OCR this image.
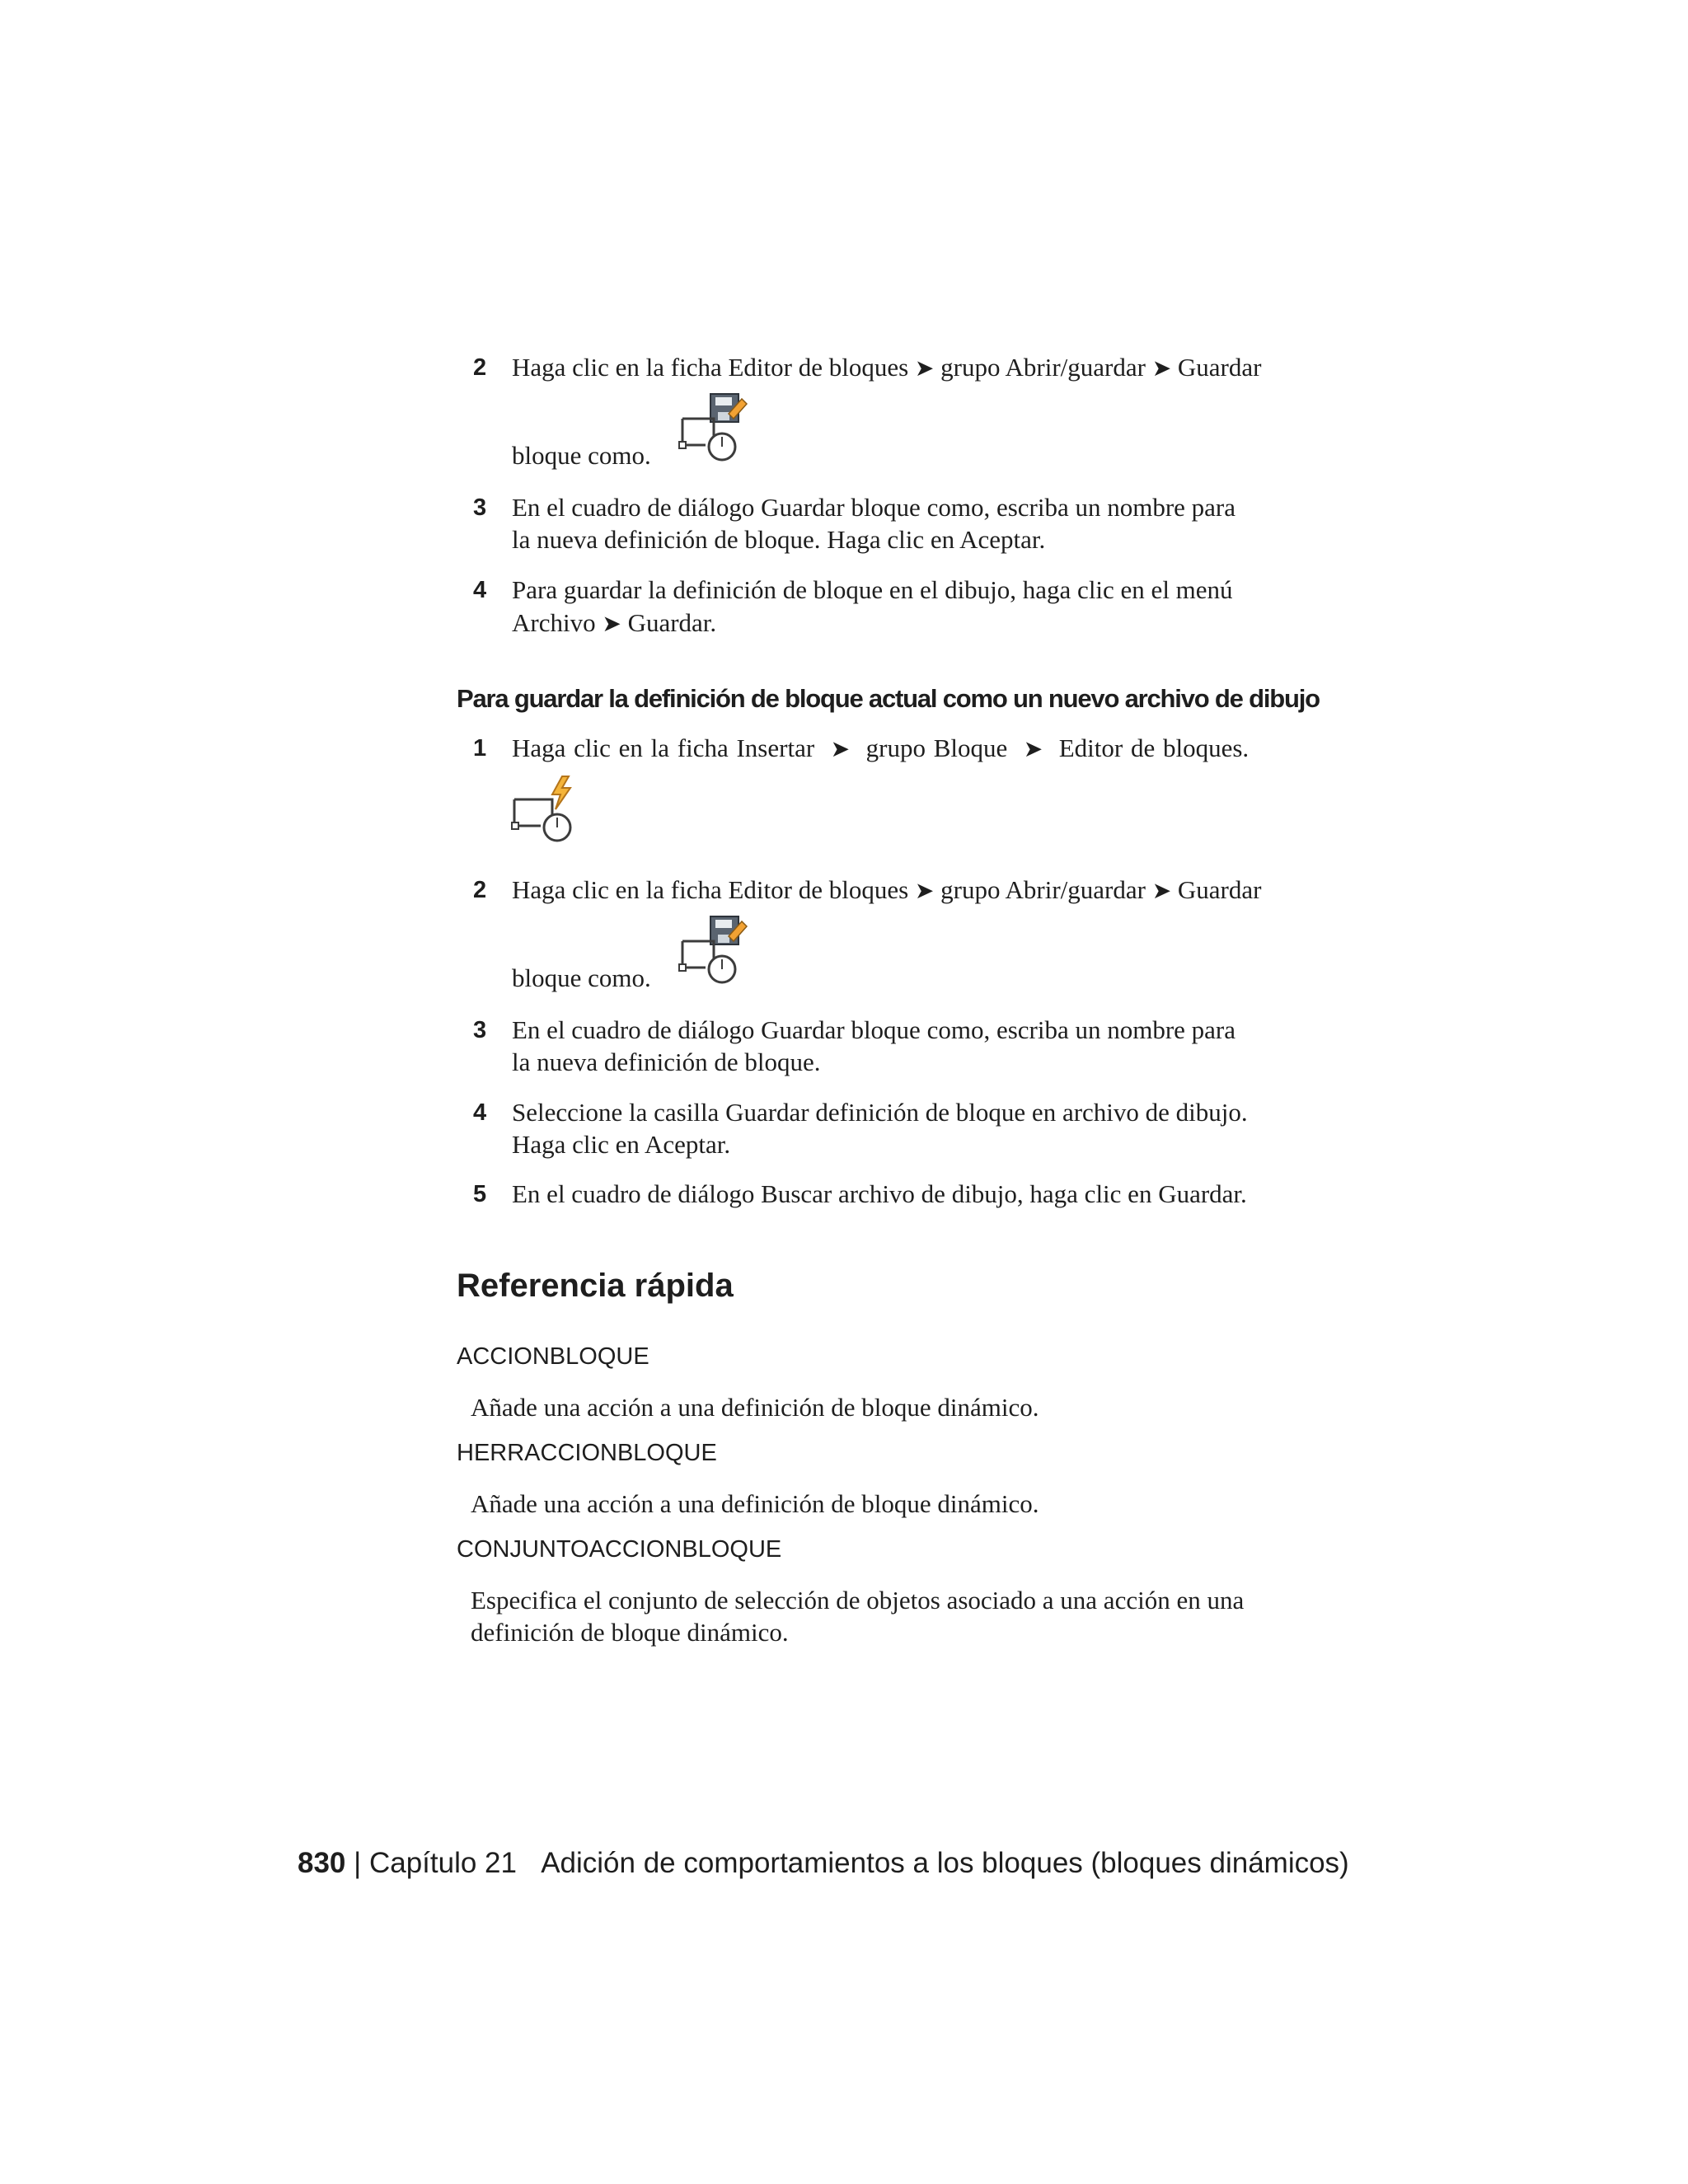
2 Haga clic en la ficha Editor de bloques ➤ grupo Abrir/guardar ➤ Guardar
bloque como.
3 En el cuadro de diálogo Guardar bloque como, escriba un nombre para
la nueva definición de bloque. Haga clic en Aceptar.
4 Para guardar la definición de bloque en el dibujo, haga clic en el menú
Archivo ➤ Guardar.
Para guardar la definición de bloque actual como un nuevo archivo de dibujo
1 Haga clic en la ficha Insertar ➤ grupo Bloque ➤ Editor de bloques.
2 Haga clic en la ficha Editor de bloques ➤ grupo Abrir/guardar ➤ Guardar
bloque como.
3 En el cuadro de diálogo Guardar bloque como, escriba un nombre para
la nueva definición de bloque.
4 Seleccione la casilla Guardar definición de bloque en archivo de dibujo.
Haga clic en Aceptar.
5 En el cuadro de diálogo Buscar archivo de dibujo, haga clic en Guardar.
Referencia rápida
ACCIONBLOQUE
Añade una acción a una definición de bloque dinámico.
HERRACCIONBLOQUE
Añade una acción a una definición de bloque dinámico.
CONJUNTOACCIONBLOQUE
Especifica el conjunto de selección de objetos asociado a una acción en una
definición de bloque dinámico.
830 | Capítulo 21 Adición de comportamientos a los bloques (bloques dinámicos)
